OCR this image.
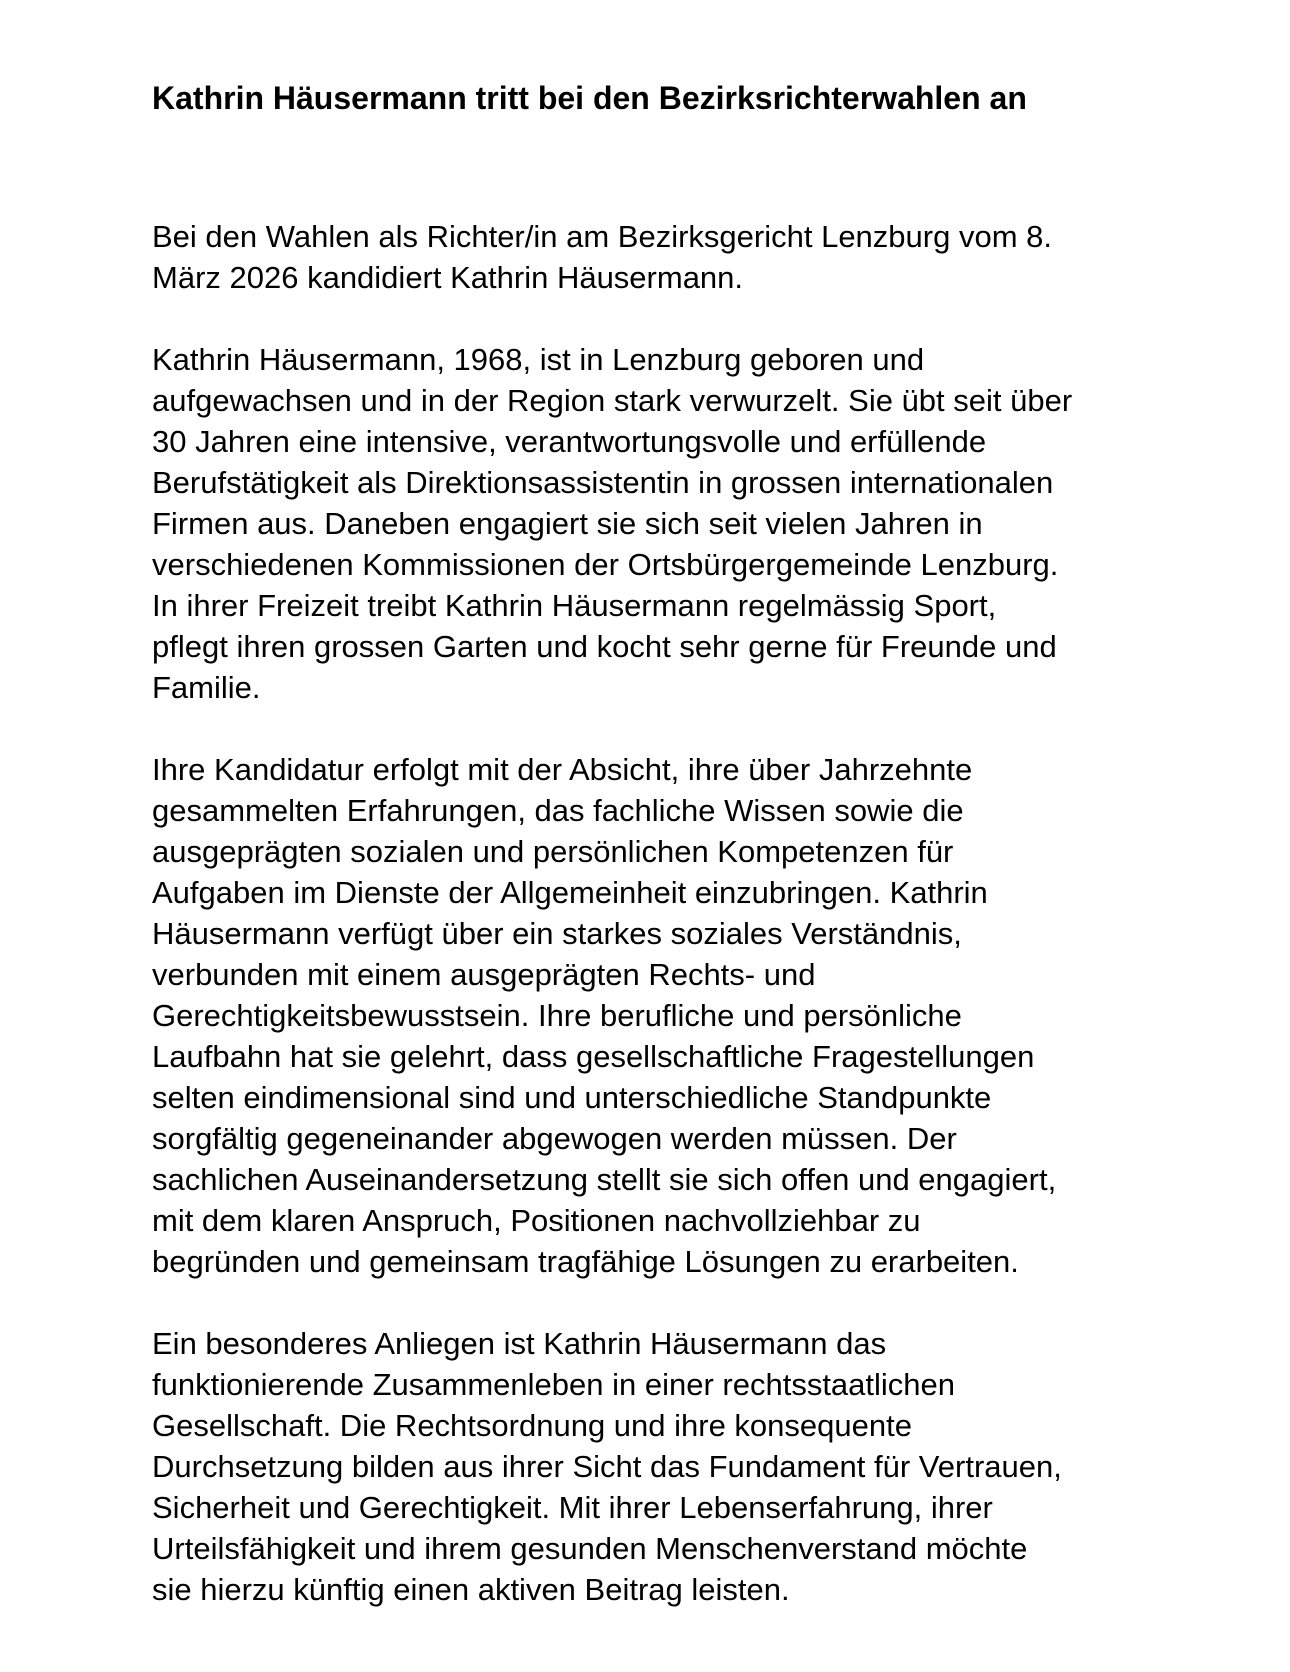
Kathrin Häusermann tritt bei den Bezirksrichterwahlen an

Bei den Wahlen als Richter/in am Bezirksgericht Lenzburg vom 8.
März 2026 kandidiert Kathrin Häusermann.

Kathrin Häusermann, 1968, ist in Lenzburg geboren und
aufgewachsen und in der Region stark verwurzelt. Sie übt seit über
30 Jahren eine intensive, verantwortungsvolle und erfüllende
Berufstätigkeit als Direktionsassistentin in grossen internationalen
Firmen aus. Daneben engagiert sie sich seit vielen Jahren in
verschiedenen Kommissionen der Ortsbürgergemeinde Lenzburg.
In ihrer Freizeit treibt Kathrin Häusermann regelmässig Sport,
pflegt ihren grossen Garten und kocht sehr gerne für Freunde und
Familie.

Ihre Kandidatur erfolgt mit der Absicht, ihre über Jahrzehnte
gesammelten Erfahrungen, das fachliche Wissen sowie die
ausgeprägten sozialen und persönlichen Kompetenzen für
Aufgaben im Dienste der Allgemeinheit einzubringen. Kathrin
Häusermann verfügt über ein starkes soziales Verständnis,
verbunden mit einem ausgeprägten Rechts- und
Gerechtigkeitsbewusstsein. Ihre berufliche und persönliche
Laufbahn hat sie gelehrt, dass gesellschaftliche Fragestellungen
selten eindimensional sind und unterschiedliche Standpunkte
sorgfältig gegeneinander abgewogen werden müssen. Der
sachlichen Auseinandersetzung stellt sie sich offen und engagiert,
mit dem klaren Anspruch, Positionen nachvollziehbar zu
begründen und gemeinsam tragfähige Lösungen zu erarbeiten.

Ein besonderes Anliegen ist Kathrin Häusermann das
funktionierende Zusammenleben in einer rechtsstaatlichen
Gesellschaft. Die Rechtsordnung und ihre konsequente
Durchsetzung bilden aus ihrer Sicht das Fundament für Vertrauen,
Sicherheit und Gerechtigkeit. Mit ihrer Lebenserfahrung, ihrer
Urteilsfähigkeit und ihrem gesunden Menschenverstand möchte
sie hierzu künftig einen aktiven Beitrag leisten.
